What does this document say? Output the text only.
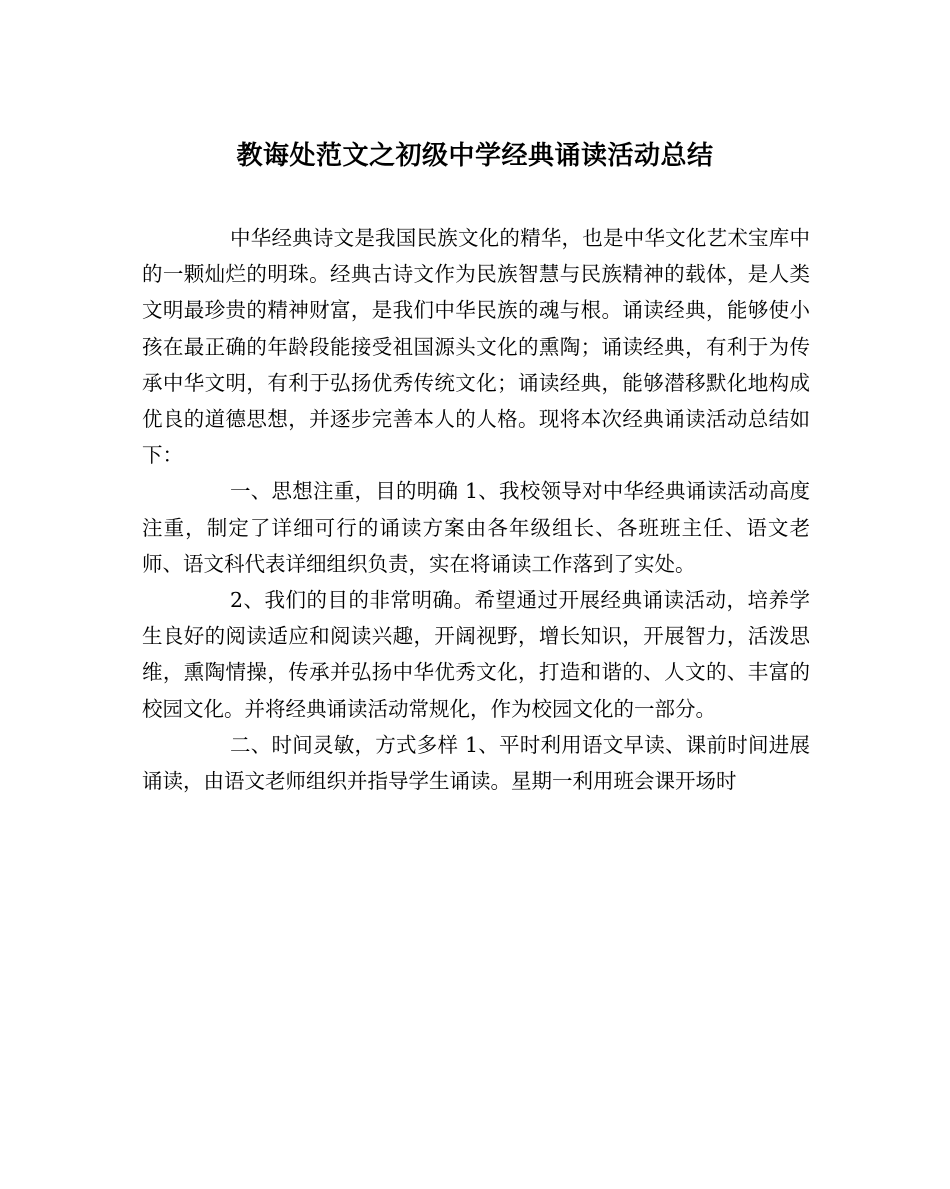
教诲处范文之初级中学经典诵读活动总结

中华经典诗文是我国民族文化的精华，也是中华文化艺术宝库中的一颗灿烂的明珠。经典古诗文作为民族智慧与民族精神的载体，是人类文明最珍贵的精神财富，是我们中华民族的魂与根。诵读经典，能够使小孩在最正确的年龄段能接受祖国源头文化的熏陶；诵读经典，有利于为传承中华文明，有利于弘扬优秀传统文化；诵读经典，能够潜移默化地构成优良的道德思想，并逐步完善本人的人格。现将本次经典诵读活动总结如下：

一、思想注重，目的明确 1、我校领导对中华经典诵读活动高度注重，制定了详细可行的诵读方案由各年级组长、各班班主任、语文老师、语文科代表详细组织负责，实在将诵读工作落到了实处。

2、我们的目的非常明确。希望通过开展经典诵读活动，培养学生良好的阅读适应和阅读兴趣，开阔视野，增长知识，开展智力，活泼思维，熏陶情操，传承并弘扬中华优秀文化，打造和谐的、人文的、丰富的校园文化。并将经典诵读活动常规化，作为校园文化的一部分。

二、时间灵敏，方式多样 1、平时利用语文早读、课前时间进展诵读，由语文老师组织并指导学生诵读。星期一利用班会课开场时
